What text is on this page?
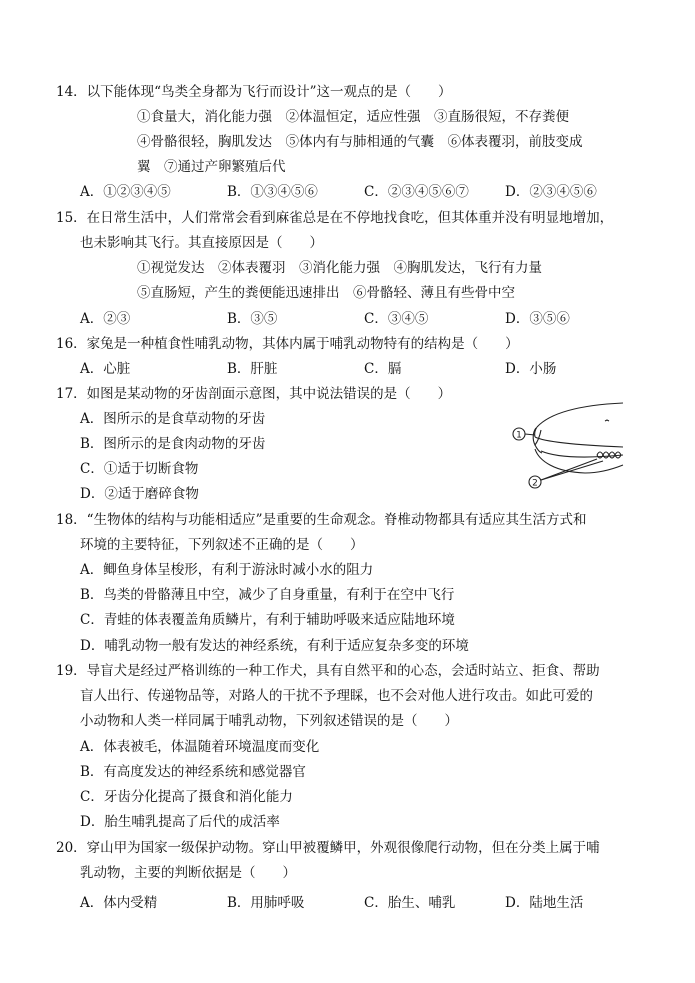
14．以下能体现“鸟类全身都为飞行而设计”这一观点的是（　　）
①食量大，消化能力强　②体温恒定，适应性强　③直肠很短，不存粪便
④骨骼很轻，胸肌发达　⑤体内有与肺相通的气囊　⑥体表覆羽，前肢变成
翼　⑦通过产卵繁殖后代
A．①②③④⑤	B．①③④⑤⑥	C．②③④⑤⑥⑦	D．②③④⑤⑥
15．在日常生活中，人们常常会看到麻雀总是在不停地找食吃，但其体重并没有明显地增加，
也未影响其飞行。其直接原因是（　　）
①视觉发达　②体表覆羽　③消化能力强　④胸肌发达，飞行有力量
⑤直肠短，产生的粪便能迅速排出　⑥骨骼轻、薄且有些骨中空
A．②③	B．③⑤	C．③④⑤	D．③⑤⑥
16．家兔是一种植食性哺乳动物，其体内属于哺乳动物特有的结构是（　　）
A．心脏	B．肝脏	C．膈	D．小肠
17．如图是某动物的牙齿剖面示意图，其中说法错误的是（　　）
A．图所示的是食草动物的牙齿
B．图所示的是食肉动物的牙齿
C．①适于切断食物
D．②适于磨碎食物
1
2
18．“生物体的结构与功能相适应”是重要的生命观念。脊椎动物都具有适应其生活方式和
环境的主要特征，下列叙述不正确的是（　　）
A．鲫鱼身体呈梭形，有利于游泳时减小水的阻力
B．鸟类的骨骼薄且中空，减少了自身重量，有利于在空中飞行
C．青蛙的体表覆盖角质鳞片，有利于辅助呼吸来适应陆地环境
D．哺乳动物一般有发达的神经系统，有利于适应复杂多变的环境
19．导盲犬是经过严格训练的一种工作犬，具有自然平和的心态，会适时站立、拒食、帮助
盲人出行、传递物品等，对路人的干扰不予理睬，也不会对他人进行攻击。如此可爱的
小动物和人类一样同属于哺乳动物，下列叙述错误的是（　　）
A．体表被毛，体温随着环境温度而变化
B．有高度发达的神经系统和感觉器官
C．牙齿分化提高了摄食和消化能力
D．胎生哺乳提高了后代的成活率
20．穿山甲为国家一级保护动物。穿山甲被覆鳞甲，外观很像爬行动物，但在分类上属于哺
乳动物，主要的判断依据是（　　）
A．体内受精	B．用肺呼吸	C．胎生、哺乳	D．陆地生活
